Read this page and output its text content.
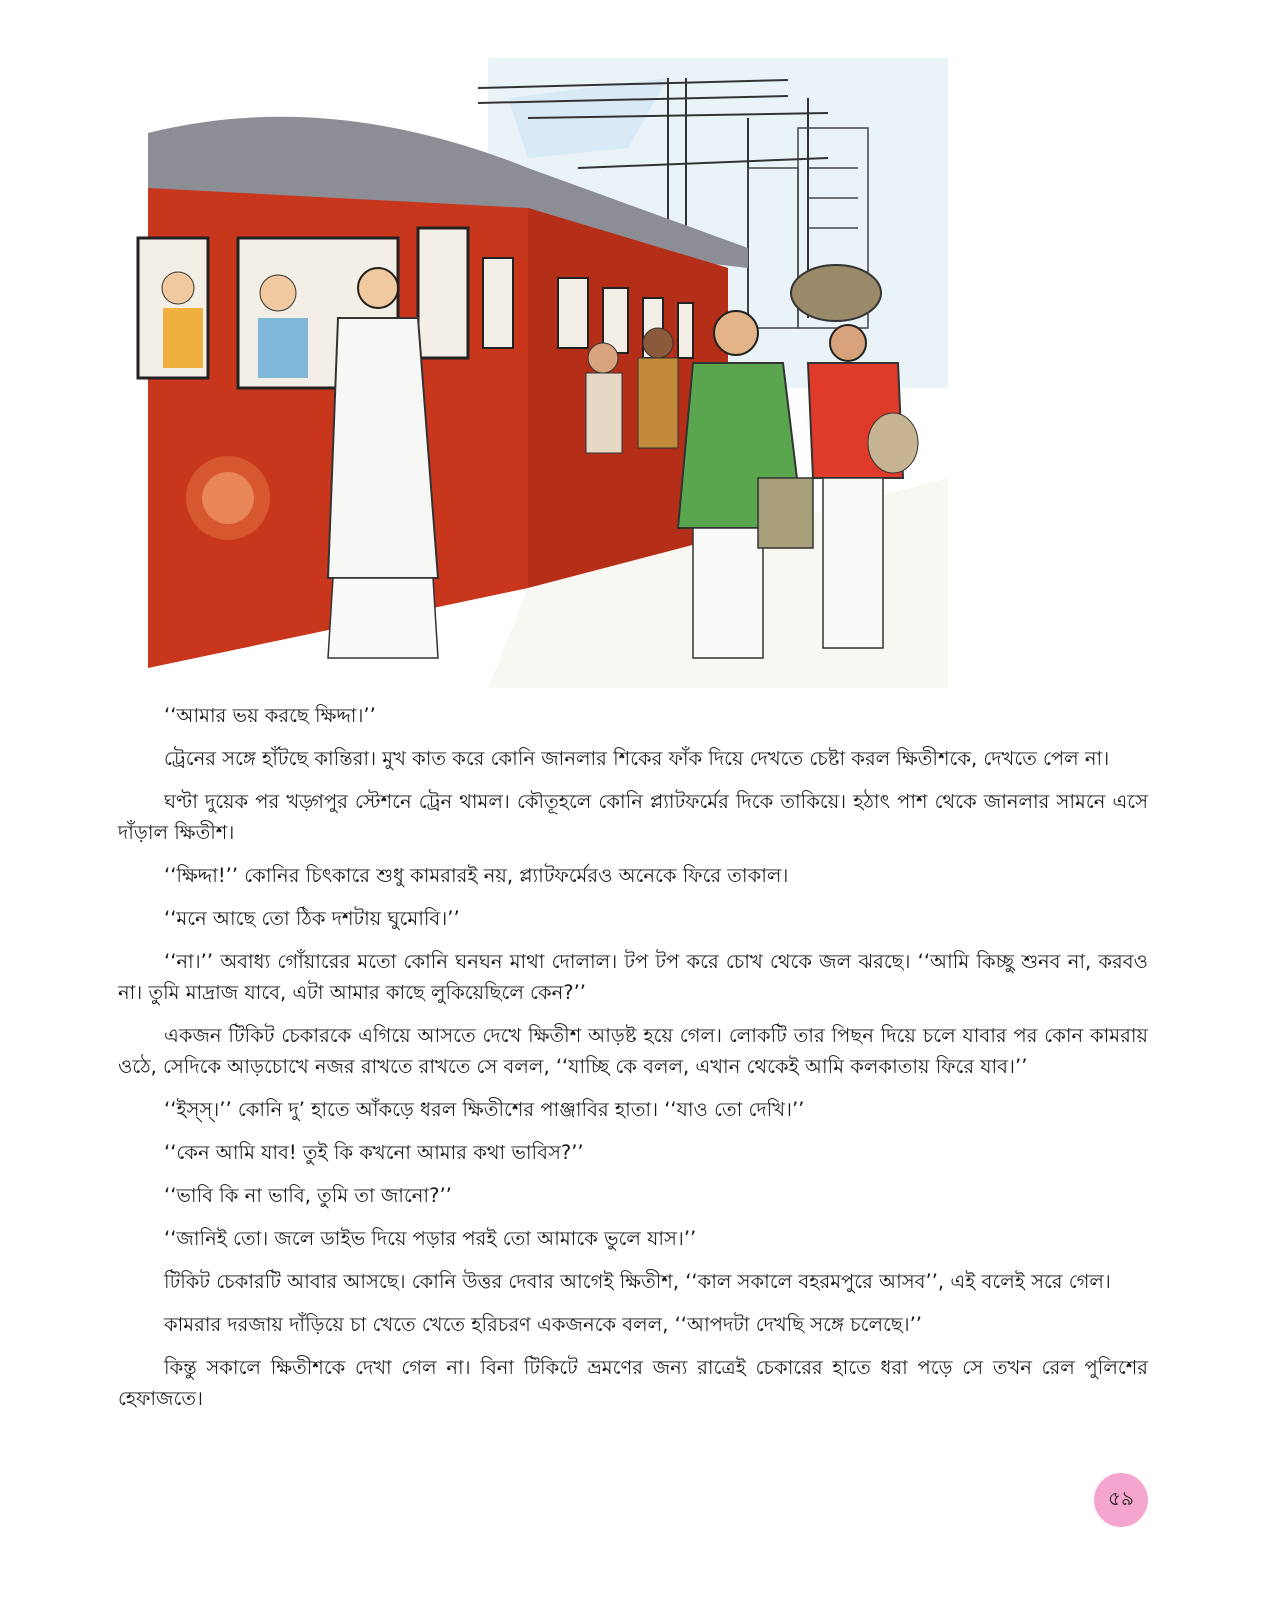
‘‘আমার ভয় করছে ক্ষিদ্দা।’’

ট্রেনের সঙ্গে হাঁটছে কান্তিরা। মুখ কাত করে কোনি জানলার শিকের ফাঁক দিয়ে দেখতে চেষ্টা করল ক্ষিতীশকে, দেখতে পেল না।

ঘণ্টা দুয়েক পর খড়্গপুর স্টেশনে ট্রেন থামল। কৌতূহলে কোনি প্ল্যাটফর্মের দিকে তাকিয়ে। হঠাৎ পাশ থেকে জানলার সামনে এসে দাঁড়াল ক্ষিতীশ।

‘‘ক্ষিদ্দা!’’ কোনির চিৎকারে শুধু কামরারই নয়, প্ল্যাটফর্মেরও অনেকে ফিরে তাকাল।

‘‘মনে আছে তো ঠিক দশটায় ঘুমোবি।’’

‘‘না।’’ অবাধ্য গোঁয়ারের মতো কোনি ঘনঘন মাথা দোলাল। টপ টপ করে চোখ থেকে জল ঝরছে। ‘‘আমি কিচ্ছু শুনব না, করবও না। তুমি মাদ্রাজ যাবে, এটা আমার কাছে লুকিয়েছিলে কেন?’’

একজন টিকিট চেকারকে এগিয়ে আসতে দেখে ক্ষিতীশ আড়ষ্ট হয়ে গেল। লোকটি তার পিছন দিয়ে চলে যাবার পর কোন কামরায় ওঠে, সেদিকে আড়চোখে নজর রাখতে রাখতে সে বলল, ‘‘যাচ্ছি কে বলল, এখান থেকেই আমি কলকাতায় ফিরে যাব।’’

‘‘ইস্‌স্‌।’’ কোনি দু’ হাতে আঁকড়ে ধরল ক্ষিতীশের পাঞ্জাবির হাতা। ‘‘যাও তো দেখি।’’

‘‘কেন আমি যাব! তুই কি কখনো আমার কথা ভাবিস?’’

‘‘ভাবি কি না ভাবি, তুমি তা জানো?’’

‘‘জানিই তো। জলে ডাইভ দিয়ে পড়ার পরই তো আমাকে ভুলে যাস।’’

টিকিট চেকারটি আবার আসছে। কোনি উত্তর দেবার আগেই ক্ষিতীশ, ‘‘কাল সকালে বহরমপুরে আসব’’, এই বলেই সরে গেল।

কামরার দরজায় দাঁড়িয়ে চা খেতে খেতে হরিচরণ একজনকে বলল, ‘‘আপদটা দেখছি সঙ্গে চলেছে।’’

কিন্তু সকালে ক্ষিতীশকে দেখা গেল না। বিনা টিকিটে ভ্রমণের জন্য রাত্রেই চেকারের হাতে ধরা পড়ে সে তখন রেল পুলিশের হেফাজতে।

৫৯
